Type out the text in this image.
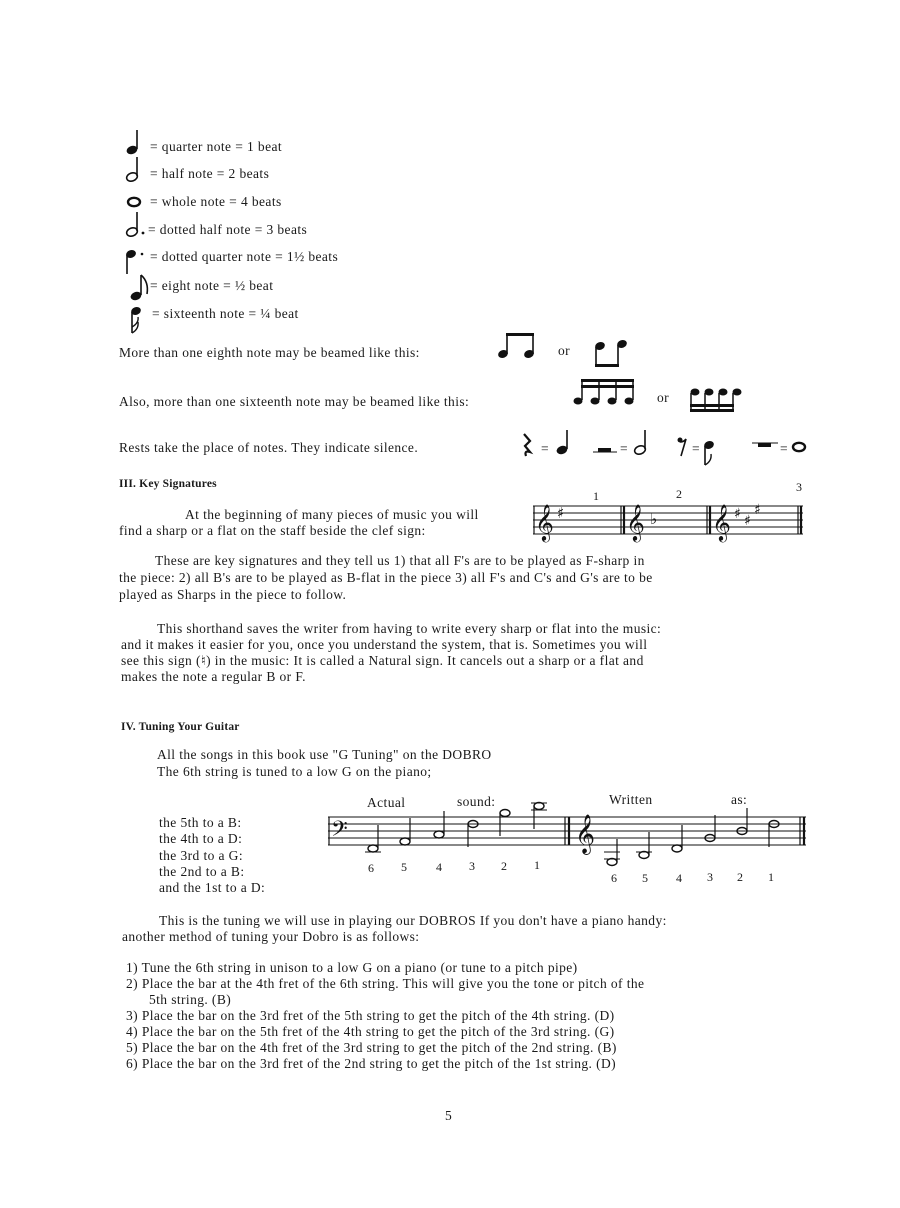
= quarter note = 1 beat
= half note = 2 beats
= whole note = 4 beats
= dotted half note = 3 beats
= dotted quarter note = 1½ beats
= eight note = ½ beat
= sixteenth note = ¼ beat
More than one eighth note may be beamed like this:	or
Also, more than one sixteenth note may be beamed like this:	or
Rests take the place of notes. They indicate silence.	=	=	=	=
III. Key Signatures
At the beginning of many pieces of music you will
find a sharp or a flat on the staff beside the clef sign:	𝄞 ♯ 𝄞 ♭ 𝄞 ♯ ♯
♯
1	2	3
These are key signatures and they tell us 1) that all F's are to be played as F-sharp in
the piece: 2) all B's are to be played as B-flat in the piece 3) all F's and C's and G's are to be
played as Sharps in the piece to follow.
This shorthand saves the writer from having to write every sharp or flat into the music:
and it makes it easier for you, once you understand the system, that is. Sometimes you will
see this sign (♮) in the music: It is called a Natural sign. It cancels out a sharp or a flat and
makes the note a regular B or F.
IV. Tuning Your Guitar
All the songs in this book use "G Tuning" on the DOBRO
The 6th string is tuned to a low G on the piano;
the 5th to a B:
the 4th to a D:
the 3rd to a G:
the 2nd to a B:
and the 1st to a D:
Actual	sound:	Written	as:
𝄢	𝄞
6 5 4 3 2 1
6 5 4 3 2 1
This is the tuning we will use in playing our DOBROS If you don't have a piano handy:
another method of tuning your Dobro is as follows:
1) Tune the 6th string in unison to a low G on a piano (or tune to a pitch pipe)
2) Place the bar at the 4th fret of the 6th string. This will give you the tone or pitch of the
5th string. (B)
3) Place the bar on the 3rd fret of the 5th string to get the pitch of the 4th string. (D)
4) Place the bar on the 5th fret of the 4th string to get the pitch of the 3rd string. (G)
5) Place the bar on the 4th fret of the 3rd string to get the pitch of the 2nd string. (B)
6) Place the bar on the 3rd fret of the 2nd string to get the pitch of the 1st string. (D)
5
